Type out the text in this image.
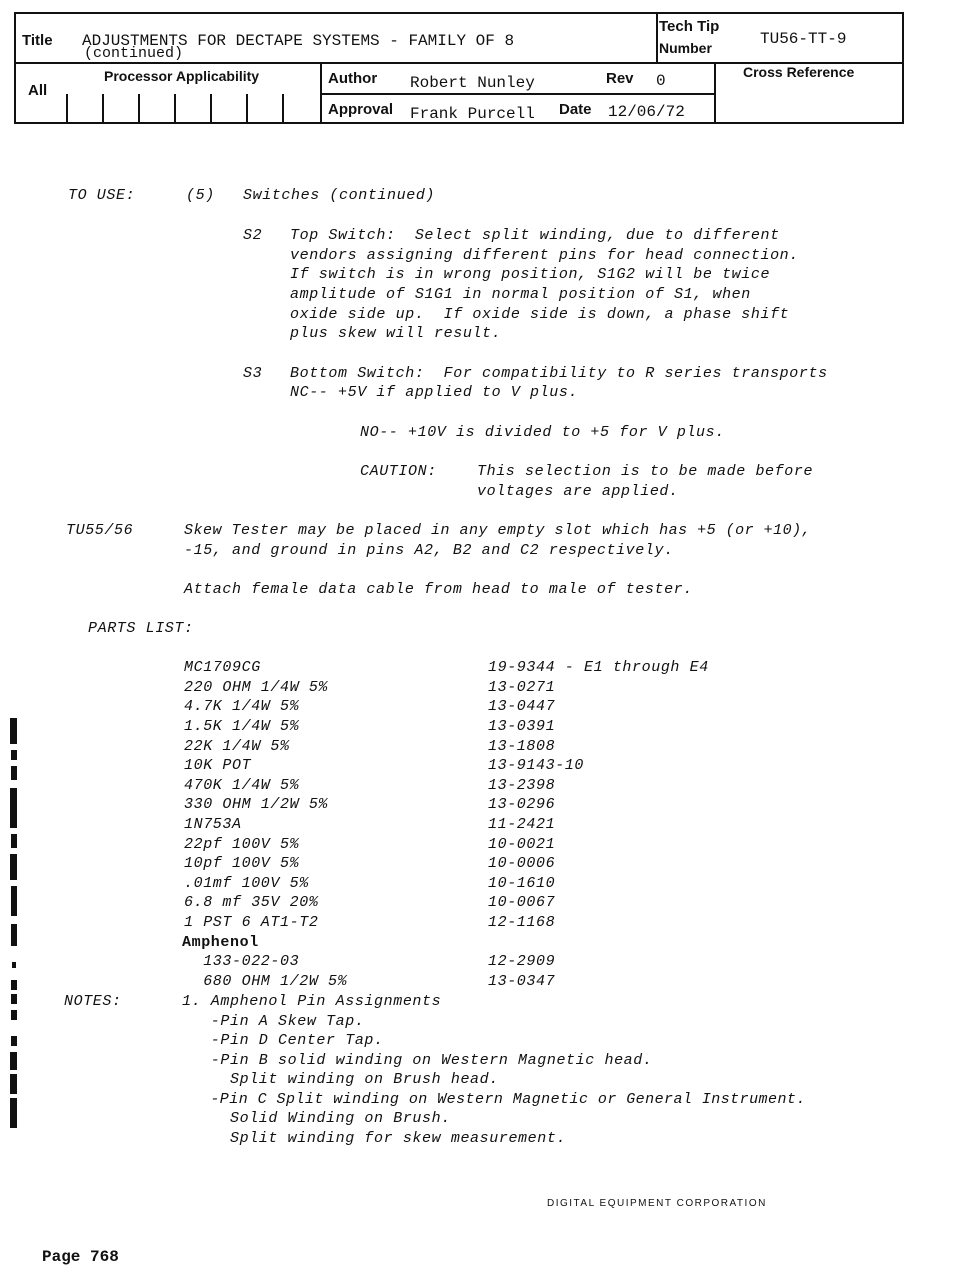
Title ADJUSTMENTS FOR DECTAPE SYSTEMS - FAMILY OF 8
(continued)
Tech Tip
Number	TU56-TT-9
All
Processor Applicability	Author Robert Nunley	Rev 0	Cross Reference
Approval Frank Purcell Date 12/06/72
TO USE:	(5) Switches (continued)
S2 Top Switch:  Select split winding, due to different
vendors assigning different pins for head connection.
If switch is in wrong position, S1G2 will be twice
amplitude of S1G1 in normal position of S1, when
oxide side up.  If oxide side is down, a phase shift
plus skew will result.
S3 Bottom Switch:  For compatibility to R series transports
NC-- +5V if applied to V plus.
NO-- +10V is divided to +5 for V plus.
CAUTION:	This selection is to be made before
voltages are applied.
TU55/56	Skew Tester may be placed in any empty slot which has +5 (or +10),
-15, and ground in pins A2, B2 and C2 respectively.
Attach female data cable from head to male of tester.
PARTS LIST:
MC1709CG	19-9344 - E1 through E4
220 OHM 1/4W 5%	13-0271
4.7K 1/4W 5%	13-0447
1.5K 1/4W 5%	13-0391
22K 1/4W 5%	13-1808
10K POT	13-9143-10
470K 1/4W 5%	13-2398
330 OHM 1/2W 5%	13-0296
1N753A	11-2421
22pf 100V 5%	10-0021
10pf 100V 5%	10-0006
.01mf 100V 5%	10-1610
6.8 mf 35V 20%	10-0067
1 PST 6 AT1-T2	12-1168
Amphenol
133-022-03	12-2909
680 OHM 1/2W 5%	13-0347
NOTES:	1. Amphenol Pin Assignments
-Pin A Skew Tap.
-Pin D Center Tap.
-Pin B solid winding on Western Magnetic head.
Split winding on Brush head.
-Pin C Split winding on Western Magnetic or General Instrument.
Solid Winding on Brush.
Split winding for skew measurement.
DIGITAL EQUIPMENT CORPORATION
Page 768
